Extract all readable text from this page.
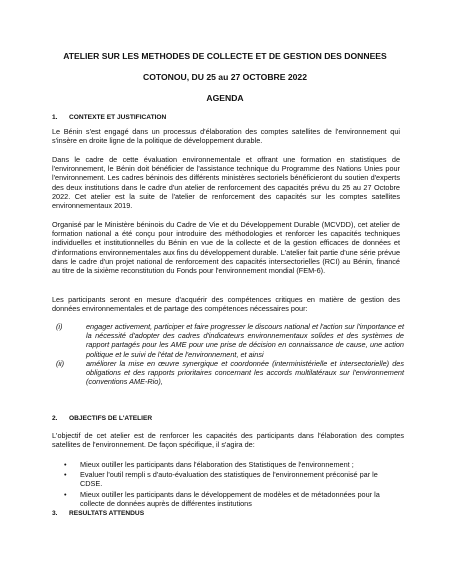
ATELIER SUR LES METHODES DE COLLECTE ET DE GESTION DES DONNEES
COTONOU, DU 25 au 27 OCTOBRE 2022
AGENDA
1. CONTEXTE ET JUSTIFICATION
Le Bénin s'est engagé dans un processus d'élaboration des comptes satellites de l'environnement qui s'insère en droite ligne de la politique de développement durable.
Dans le cadre de cette évaluation environnementale et offrant une formation en statistiques de l'environnement, le Bénin doit bénéficier de l'assistance technique du Programme des Nations Unies pour l'environnement. Les cadres béninois des différents ministères sectoriels bénéficieront du soutien d'experts des deux institutions dans le cadre d'un atelier de renforcement des capacités prévu du 25 au 27 Octobre 2022. Cet atelier est la suite de l'atelier de renforcement des capacités sur les comptes satellites environnementaux 2019.
Organisé par le Ministère béninois du Cadre de Vie et du Développement Durable (MCVDD), cet atelier de formation national a été conçu pour introduire des méthodologies et renforcer les capacités techniques individuelles et institutionnelles du Bénin en vue de la collecte et de la gestion efficaces de données et d'informations environnementales aux fins du développement durable. L'atelier fait partie d'une série prévue dans le cadre d'un projet national de renforcement des capacités intersectorielles (RCI) au Bénin, financé au titre de la sixième reconstitution du Fonds pour l'environnement mondial (FEM-6).
Les participants seront en mesure d'acquérir des compétences critiques en matière de gestion des données environnementales et de partage des compétences nécessaires pour:
(i)	engager activement, participer et faire progresser le discours national et l'action sur l'importance et la nécessité d'adopter des cadres d'indicateurs environnementaux solides et des systèmes de rapport partagés pour les AME pour une prise de décision en connaissance de cause, une action politique et le suivi de l'état de l'environnement, et ainsi
(ii)	améliorer la mise en œuvre synergique et coordonnée (interministérielle et intersectorielle) des obligations et des rapports prioritaires concernant les accords multilatéraux sur l'environnement (conventions AME-Rio),
2. OBJECTIFS DE L'ATELIER
L'objectif de cet atelier est de renforcer les capacités des participants dans l'élaboration des comptes satellites de l'environnement. De façon spécifique, il s'agira de:
• Mieux outiller les participants dans l'élaboration des Statistiques de l'environnement ;
• Evaluer l'outil rempli s d'auto-évaluation des statistiques de l'environnement préconisé par le CDSE.
• Mieux outiller les participants dans le développement de modèles et de métadonnées pour la collecte de données auprès de différentes institutions
3. RESULTATS ATTENDUS
